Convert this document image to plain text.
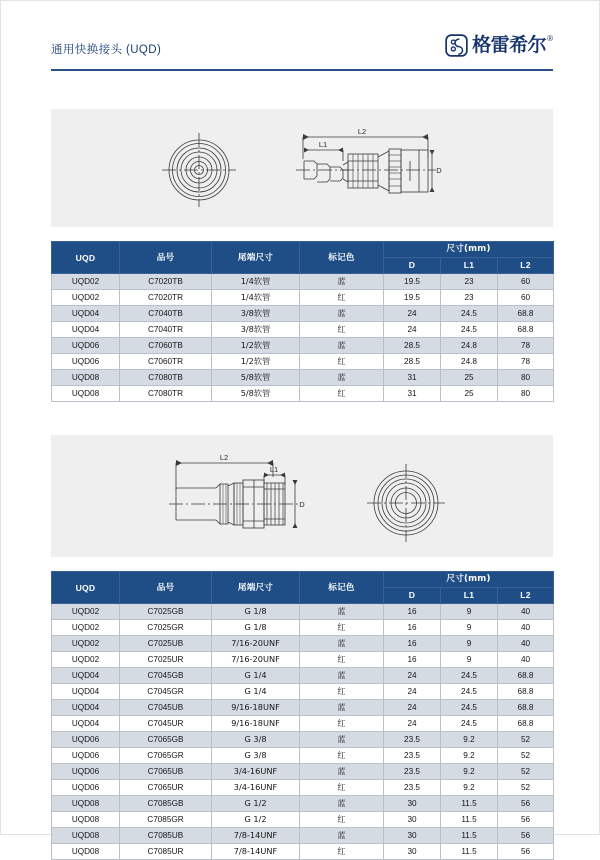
通用快换接头 (UQD)	格雷希尔 ®
L2
L1
D
UQD	品号	尾端尺寸	标记色	尺寸(mm)		
				D	L1	L2
UQD02	C7020TB	1/4软管	蓝	19.5	23	60
UQD02	C7020TR	1/4软管	红	19.5	23	60
UQD04	C7040TB	3/8软管	蓝	24	24.5	68.8
UQD04	C7040TR	3/8软管	红	24	24.5	68.8
UQD06	C7060TB	1/2软管	蓝	28.5	24.8	78
UQD06	C7060TR	1/2软管	红	28.5	24.8	78
UQD08	C7080TB	5/8软管	蓝	31	25	80
UQD08	C7080TR	5/8软管	红	31	25	80
L2
L1
D
UQD	品号	尾端尺寸	标记色	尺寸(mm)		
				D	L1	L2
UQD02	C7025GB	G 1/8	蓝	16	9	40
UQD02	C7025GR	G 1/8	红	16	9	40
UQD02	C7025UB	7/16-20UNF	蓝	16	9	40
UQD02	C7025UR	7/16-20UNF	红	16	9	40
UQD04	C7045GB	G 1/4	蓝	24	24.5	68.8
UQD04	C7045GR	G 1/4	红	24	24.5	68.8
UQD04	C7045UB	9/16-18UNF	蓝	24	24.5	68.8
UQD04	C7045UR	9/16-18UNF	红	24	24.5	68.8
UQD06	C7065GB	G 3/8	蓝	23.5	9.2	52
UQD06	C7065GR	G 3/8	红	23.5	9.2	52
UQD06	C7065UB	3/4-16UNF	蓝	23.5	9.2	52
UQD06	C7065UR	3/4-16UNF	红	23.5	9.2	52
UQD08	C7085GB	G 1/2	蓝	30	11.5	56
UQD08	C7085GR	G 1/2	红	30	11.5	56
UQD08	C7085UB	7/8-14UNF	蓝	30	11.5	56
UQD08	C7085UR	7/8-14UNF	红	30	11.5	56
